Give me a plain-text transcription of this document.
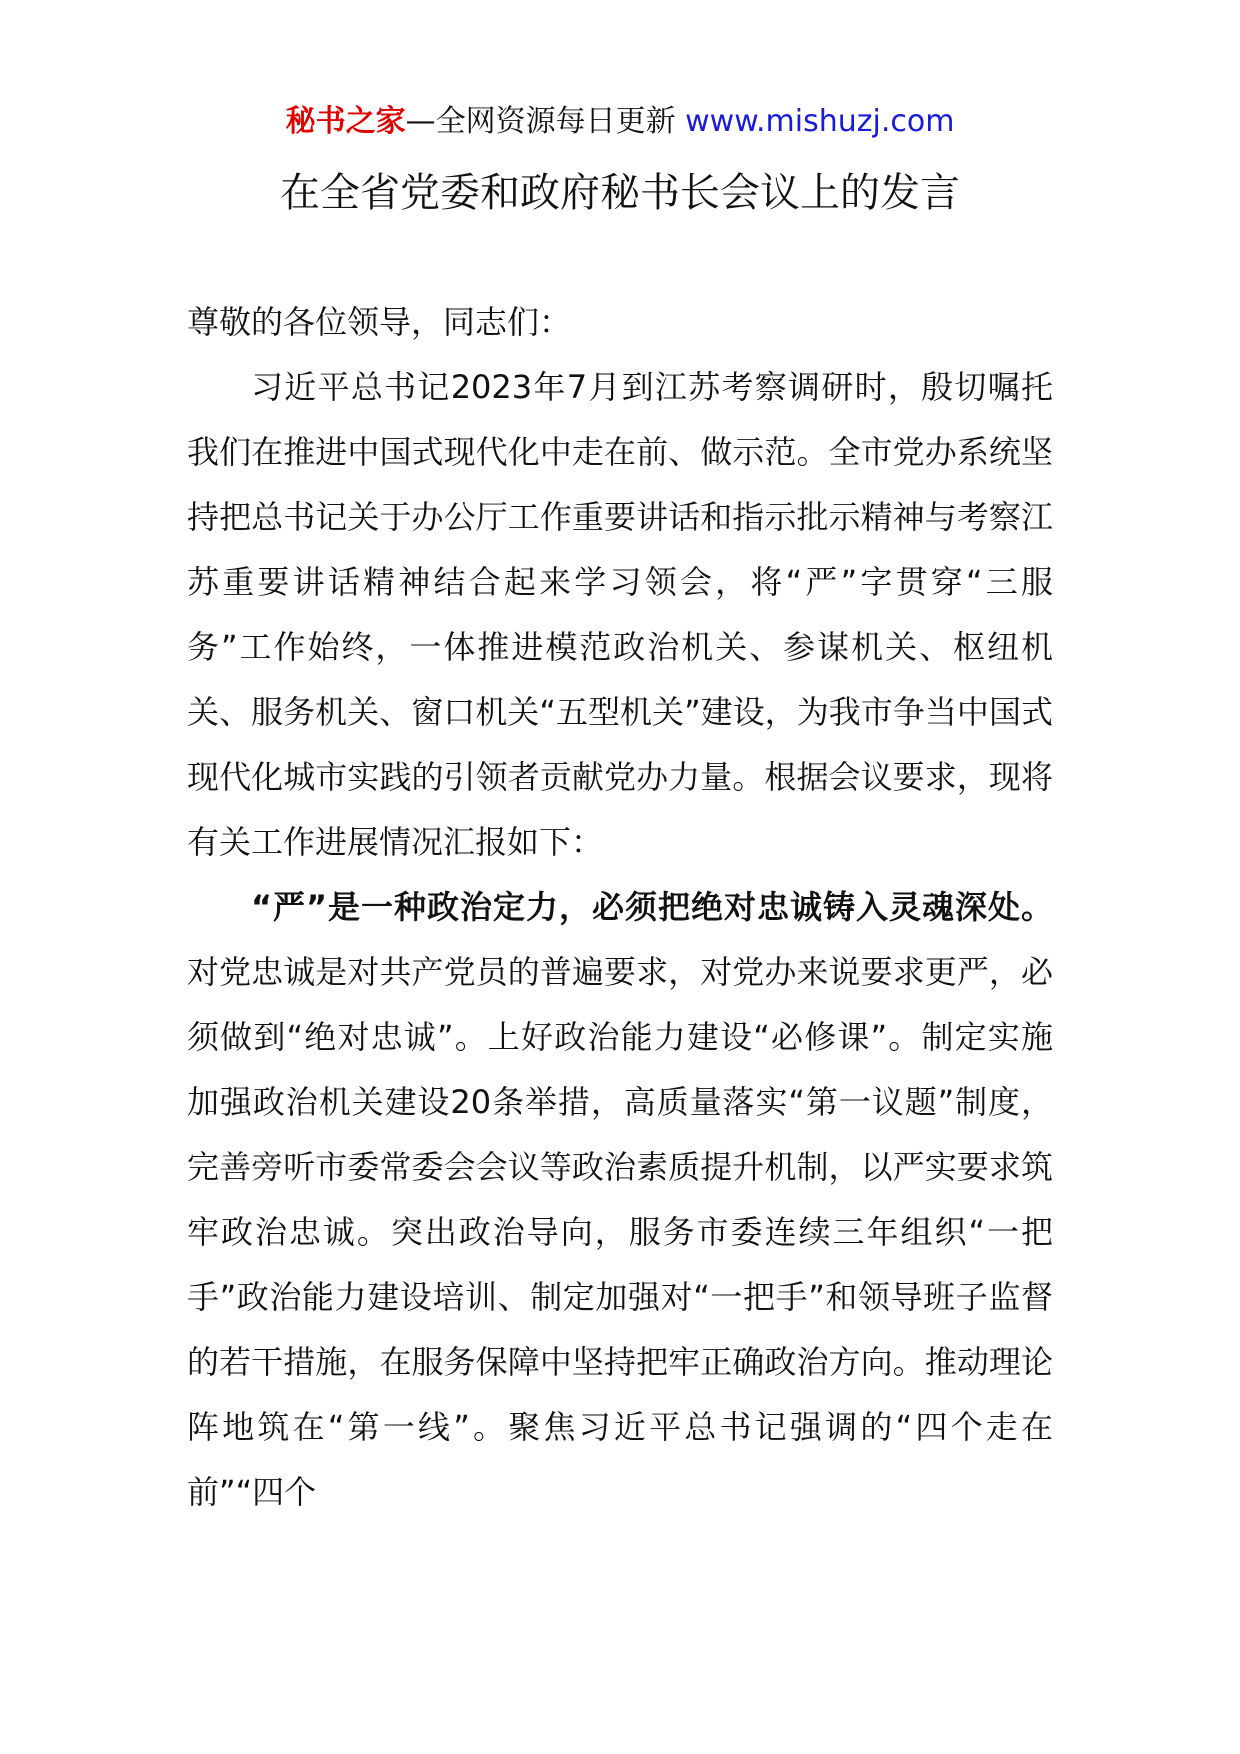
秘书之家—全网资源每日更新 www.mishuzj.com
在全省党委和政府秘书长会议上的发言

尊敬的各位领导，同志们：

习近平总书记2023年7月到江苏考察调研时，殷切嘱托我们在推进中国式现代化中走在前、做示范。全市党办系统坚持把总书记关于办公厅工作重要讲话和指示批示精神与考察江苏重要讲话精神结合起来学习领会，将“严”字贯穿“三服务”工作始终，一体推进模范政治机关、参谋机关、枢纽机关、服务机关、窗口机关“五型机关”建设，为我市争当中国式现代化城市实践的引领者贡献党办力量。根据会议要求，现将有关工作进展情况汇报如下：

“严”是一种政治定力，必须把绝对忠诚铸入灵魂深处。对党忠诚是对共产党员的普遍要求，对党办来说要求更严，必须做到“绝对忠诚”。上好政治能力建设“必修课”。制定实施加强政治机关建设20条举措，高质量落实“第一议题”制度，完善旁听市委常委会会议等政治素质提升机制，以严实要求筑牢政治忠诚。突出政治导向，服务市委连续三年组织“一把手”政治能力建设培训、制定加强对“一把手”和领导班子监督的若干措施，在服务保障中坚持把牢正确政治方向。推动理论阵地筑在“第一线”。聚焦习近平总书记强调的“四个走在前”“四个
